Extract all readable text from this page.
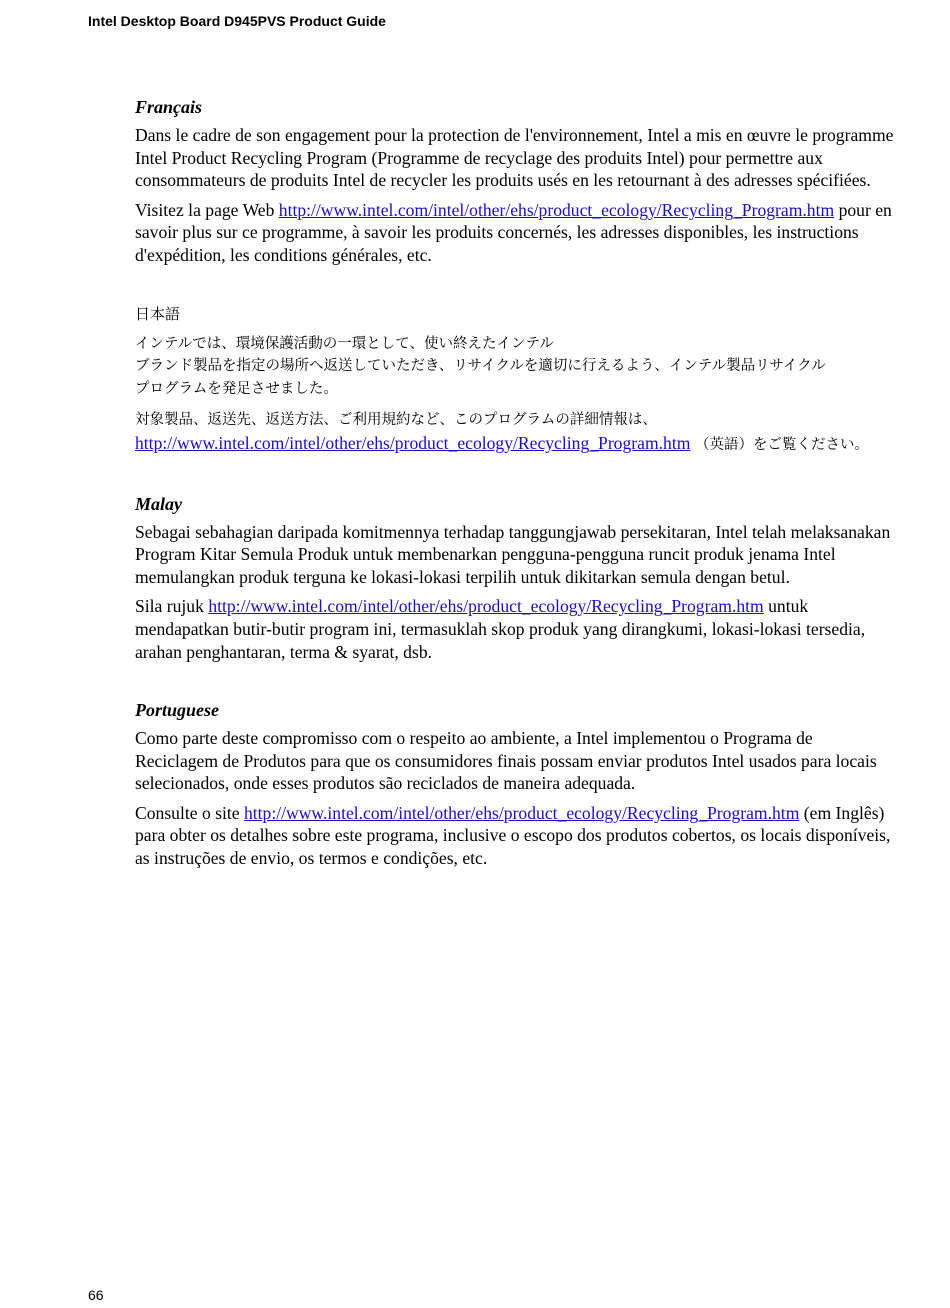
Intel Desktop Board D945PVS Product Guide
Français

Dans le cadre de son engagement pour la protection de l'environnement, Intel a mis en œuvre le programme Intel Product Recycling Program (Programme de recyclage des produits Intel) pour permettre aux consommateurs de produits Intel de recycler les produits usés en les retournant à des adresses spécifiées.

Visitez la page Web http://www.intel.com/intel/other/ehs/product_ecology/Recycling_Program.htm pour en savoir plus sur ce programme, à savoir les produits concernés, les adresses disponibles, les instructions d'expédition, les conditions générales, etc.

日本語

インテルでは、環境保護活動の一環として、使い終えたインテル
ブランド製品を指定の場所へ返送していただき、リサイクルを適切に行えるよう、インテル製品リサイクル
プログラムを発足させました。

対象製品、返送先、返送方法、ご利用規約など、このプログラムの詳細情報は、http://www.intel.com/intel/other/ehs/product_ecology/Recycling_Program.htm （英語）をご覧ください。

Malay

Sebagai sebahagian daripada komitmennya terhadap tanggungjawab persekitaran, Intel telah melaksanakan Program Kitar Semula Produk untuk membenarkan pengguna-pengguna runcit produk jenama Intel memulangkan produk terguna ke lokasi-lokasi terpilih untuk dikitarkan semula dengan betul.

Sila rujuk http://www.intel.com/intel/other/ehs/product_ecology/Recycling_Program.htm untuk mendapatkan butir-butir program ini, termasuklah skop produk yang dirangkumi, lokasi-lokasi tersedia, arahan penghantaran, terma & syarat, dsb.

Portuguese

Como parte deste compromisso com o respeito ao ambiente, a Intel implementou o Programa de Reciclagem de Produtos para que os consumidores finais possam enviar produtos Intel usados para locais selecionados, onde esses produtos são reciclados de maneira adequada.

Consulte o site http://www.intel.com/intel/other/ehs/product_ecology/Recycling_Program.htm (em Inglês) para obter os detalhes sobre este programa, inclusive o escopo dos produtos cobertos, os locais disponíveis, as instruções de envio, os termos e condições, etc.

66
